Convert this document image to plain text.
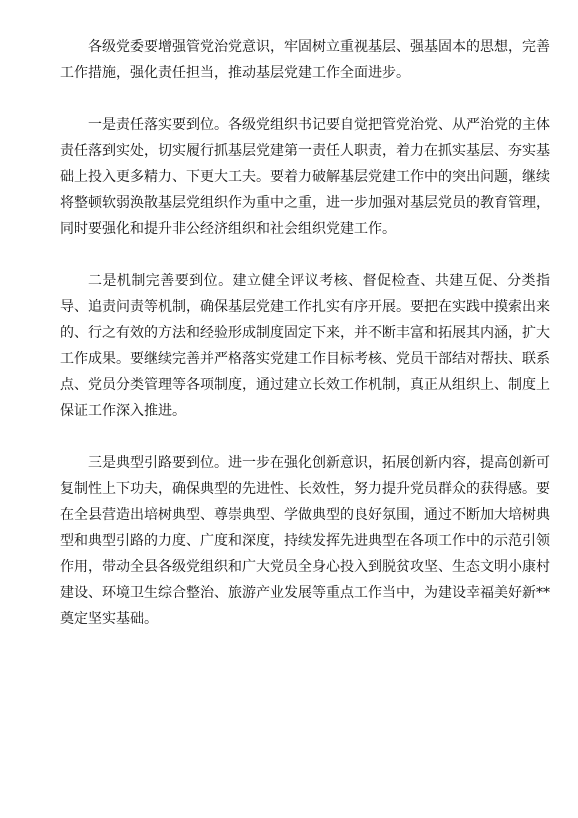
各级党委要增强管党治党意识，牢固树立重视基层、强基固本的思想，完善工作措施，强化责任担当，推动基层党建工作全面进步。

一是责任落实要到位。各级党组织书记要自觉把管党治党、从严治党的主体责任落到实处，切实履行抓基层党建第一责任人职责，着力在抓实基层、夯实基础上投入更多精力、下更大工夫。要着力破解基层党建工作中的突出问题，继续将整顿软弱涣散基层党组织作为重中之重，进一步加强对基层党员的教育管理，同时要强化和提升非公经济组织和社会组织党建工作。

二是机制完善要到位。建立健全评议考核、督促检查、共建互促、分类指导、追责问责等机制，确保基层党建工作扎实有序开展。要把在实践中摸索出来的、行之有效的方法和经验形成制度固定下来，并不断丰富和拓展其内涵，扩大工作成果。要继续完善并严格落实党建工作目标考核、党员干部结对帮扶、联系点、党员分类管理等各项制度，通过建立长效工作机制，真正从组织上、制度上保证工作深入推进。

三是典型引路要到位。进一步在强化创新意识，拓展创新内容，提高创新可复制性上下功夫，确保典型的先进性、长效性，努力提升党员群众的获得感。要在全县营造出培树典型、尊崇典型、学做典型的良好氛围，通过不断加大培树典型和典型引路的力度、广度和深度，持续发挥先进典型在各项工作中的示范引领作用，带动全县各级党组织和广大党员全身心投入到脱贫攻坚、生态文明小康村建设、环境卫生综合整治、旅游产业发展等重点工作当中，为建设幸福美好新**奠定坚实基础。
